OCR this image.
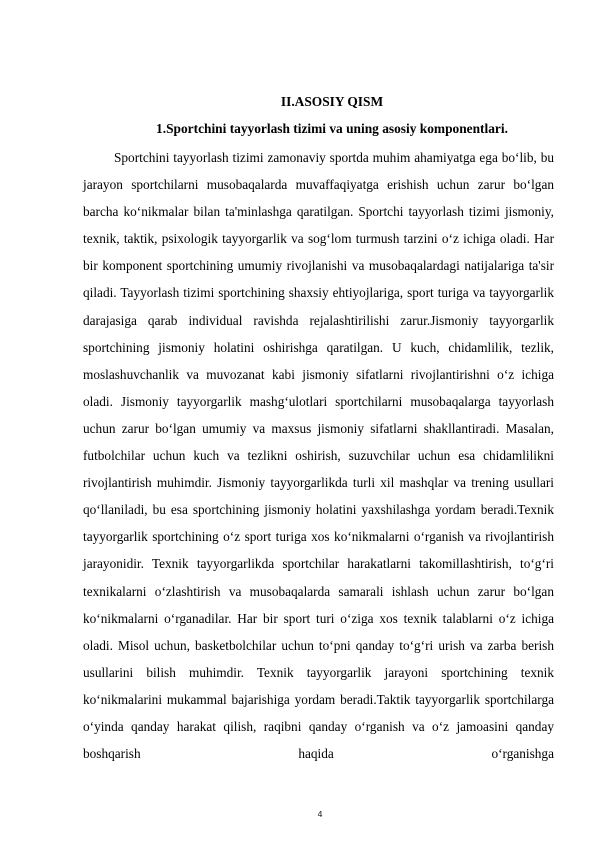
II.ASOSIY QISM
1.Sportchini tayyorlash tizimi va uning asosiy komponentlari.

Sportchini tayyorlash tizimi zamonaviy sportda muhim ahamiyatga ega bo‘lib, bu jarayon sportchilarni musobaqalarda muvaffaqiyatga erishish uchun zarur bo‘lgan barcha ko‘nikmalar bilan ta'minlashga qaratilgan. Sportchi tayyorlash tizimi jismoniy, texnik, taktik, psixologik tayyorgarlik va sog‘lom turmush tarzini o‘z ichiga oladi. Har bir komponent sportchining umumiy rivojlanishi va musobaqalardagi natijalariga ta'sir qiladi. Tayyorlash tizimi sportchining shaxsiy ehtiyojlariga, sport turiga va tayyorgarlik darajasiga qarab individual ravishda rejalashtirilishi zarur.Jismoniy tayyorgarlik sportchining jismoniy holatini oshirishga qaratilgan. U kuch, chidamlilik, tezlik, moslashuvchanlik va muvozanat kabi jismoniy sifatlarni rivojlantirishni o‘z ichiga oladi. Jismoniy tayyorgarlik mashg‘ulotlari sportchilarni musobaqalarga tayyorlash uchun zarur bo‘lgan umumiy va maxsus jismoniy sifatlarni shakllantiradi. Masalan, futbolchilar uchun kuch va tezlikni oshirish, suzuvchilar uchun esa chidamlilikni rivojlantirish muhimdir. Jismoniy tayyorgarlikda turli xil mashqlar va trening usullari qo‘llaniladi, bu esa sportchining jismoniy holatini yaxshilashga yordam beradi.Texnik tayyorgarlik sportchining o‘z sport turiga xos ko‘nikmalarni o‘rganish va rivojlantirish jarayonidir. Texnik tayyorgarlikda sportchilar harakatlarni takomillashtirish, to‘g‘ri texnikalarni o‘zlashtirish va musobaqalarda samarali ishlash uchun zarur bo‘lgan ko‘nikmalarni o‘rganadilar. Har bir sport turi o‘ziga xos texnik talablarni o‘z ichiga oladi. Misol uchun, basketbolchilar uchun to‘pni qanday to‘g‘ri urish va zarba berish usullarini bilish muhimdir. Texnik tayyorgarlik jarayoni sportchining texnik ko‘nikmalarini mukammal bajarishiga yordam beradi.Taktik tayyorgarlik sportchilarga o‘yinda qanday harakat qilish, raqibni qanday o‘rganish va o‘z jamoasini qanday boshqarish haqida o‘rganishga

4
